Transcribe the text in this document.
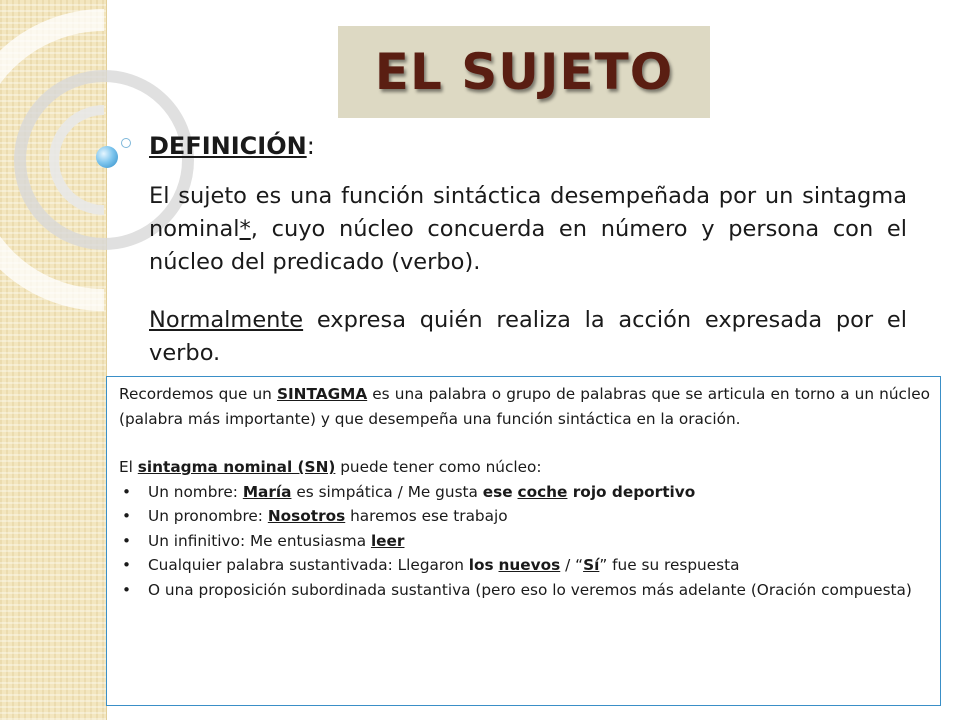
EL SUJETO
DEFINICIÓN:
El sujeto es una función sintáctica desempeñada por un sintagma nominal*, cuyo núcleo concuerda en número y persona con el núcleo del predicado (verbo).
Normalmente expresa quién realiza la acción expresada por el verbo.

Recordemos que un SINTAGMA es una palabra o grupo de palabras que se articula en torno a un núcleo (palabra más importante) y que desempeña una función sintáctica en la oración.

El sintagma nominal (SN) puede tener como núcleo:

• Un nombre: María es simpática / Me gusta ese coche rojo deportivo
• Un pronombre: Nosotros haremos ese trabajo
• Un infinitivo: Me entusiasma leer
• Cualquier palabra sustantivada: Llegaron los nuevos / “Sí” fue su respuesta
• O una proposición subordinada sustantiva (pero eso lo veremos más adelante (Oración compuesta)
